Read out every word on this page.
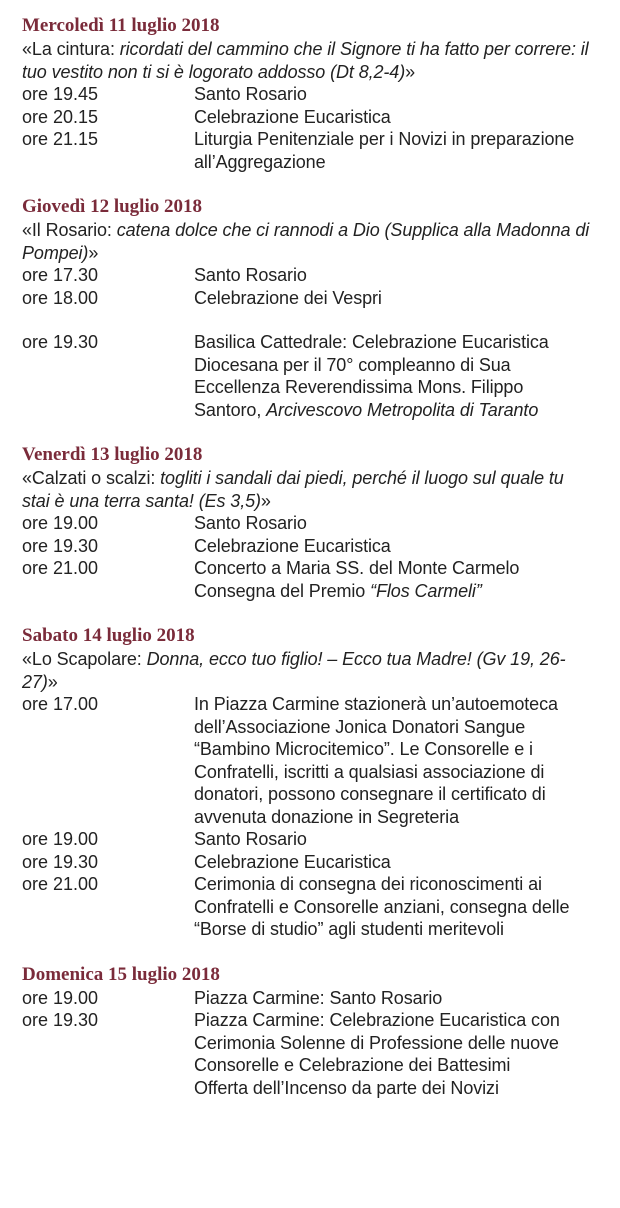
Mercoledì 11 luglio 2018

«La cintura: ricordati del cammino che il Signore ti ha fatto per correre: il tuo vestito non ti si è logorato addosso (Dt 8,2-4)»

ore 19.45	Santo Rosario
ore 20.15	Celebrazione Eucaristica
ore 21.15	Liturgia Penitenziale per i Novizi in preparazione all’Aggregazione
Giovedì 12 luglio 2018

«Il Rosario: catena dolce che ci rannodi a Dio (Supplica alla Madonna di Pompei)»

ore 17.30	Santo Rosario
ore 18.00	Celebrazione dei Vespri
ore 19.30	Basilica Cattedrale: Celebrazione Eucaristica Diocesana per il 70° compleanno di Sua Eccellenza Reverendissima Mons. Filippo Santoro, Arcivescovo Metropolita di Taranto
Venerdì 13 luglio 2018

«Calzati o scalzi: togliti i sandali dai piedi, perché il luogo sul quale tu stai è una terra santa! (Es 3,5)»

ore 19.00	Santo Rosario
ore 19.30	Celebrazione Eucaristica
ore 21.00	Concerto a Maria SS. del Monte Carmelo
Consegna del Premio “Flos Carmeli”
Sabato 14 luglio 2018

«Lo Scapolare: Donna, ecco tuo figlio! – Ecco tua Madre! (Gv 19, 26-27)»

ore 17.00	In Piazza Carmine stazionerà un’autoemoteca dell’Associazione Jonica Donatori Sangue “Bambino Microcitemico”. Le Consorelle e i Confratelli, iscritti a qualsiasi associazione di donatori, possono consegnare il certificato di avvenuta donazione in Segreteria
ore 19.00	Santo Rosario
ore 19.30	Celebrazione Eucaristica
ore 21.00	Cerimonia di consegna dei riconoscimenti ai Confratelli e Consorelle anziani, consegna delle “Borse di studio” agli studenti meritevoli
Domenica 15 luglio 2018
ore 19.00	Piazza Carmine: Santo Rosario
ore 19.30	Piazza Carmine: Celebrazione Eucaristica con Cerimonia Solenne di Professione delle nuove Consorelle e Celebrazione dei Battesimi
Offerta dell’Incenso da parte dei Novizi
